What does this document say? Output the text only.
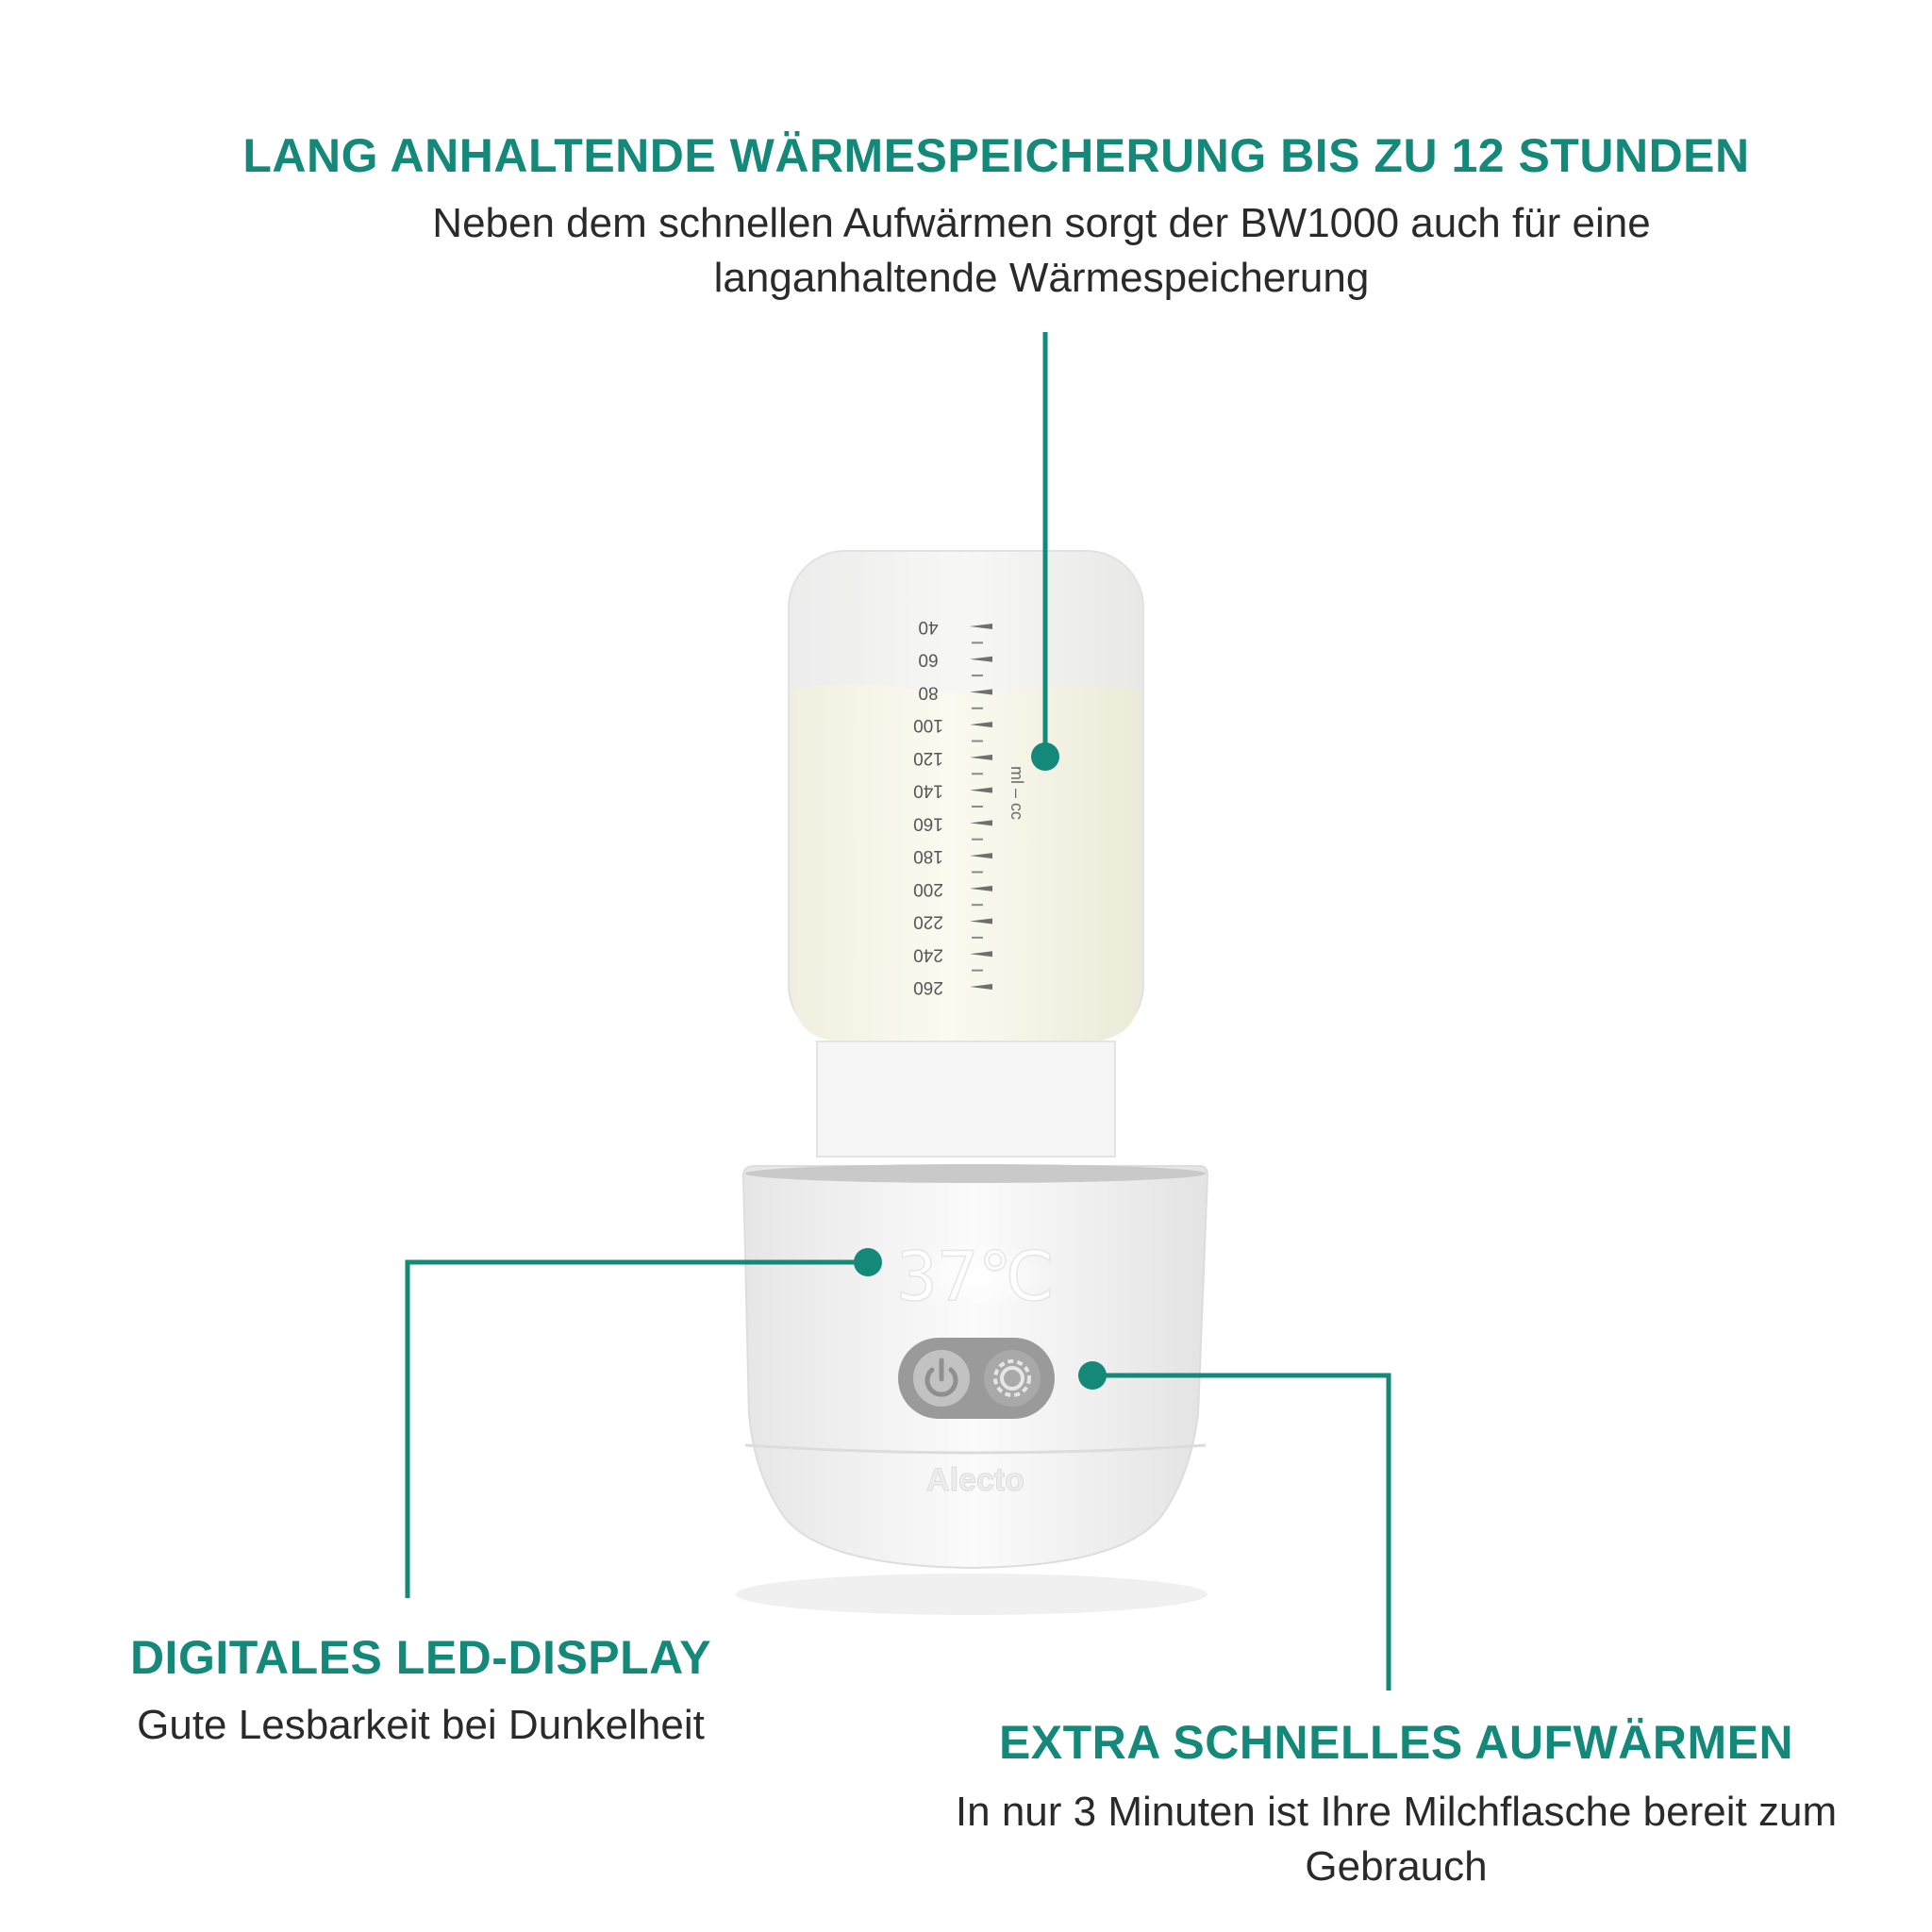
40
60
80
100
120
140
160
180
200
220
240
260
ml – cc
37℃
Alecto
LANG ANHALTENDE WÄRMESPEICHERUNG BIS ZU 12 STUNDEN
Neben dem schnellen Aufwärmen sorgt der BW1000 auch für eine langanhaltende Wärmespeicherung
DIGITALES LED-DISPLAY
Gute Lesbarkeit bei Dunkelheit	EXTRA SCHNELLES AUFWÄRMEN
In nur 3 Minuten ist Ihre Milchflasche bereit zum Gebrauch
